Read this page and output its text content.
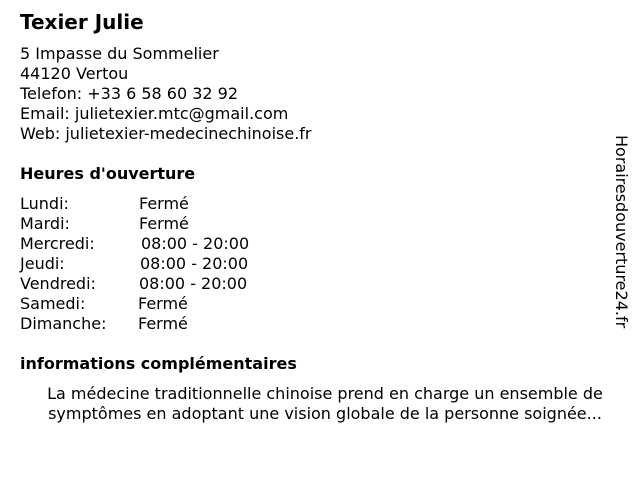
Texier Julie
5 Impasse du Sommelier
44120 Vertou
Telefon: +33 6 58 60 32 92
Email: julietexier.mtc@gmail.com
Web: julietexier-medecinechinoise.fr
Heures d'ouverture
Lundi:	Fermé
Mardi:	Fermé
Mercredi:	08:00 - 20:00
Jeudi:	08:00 - 20:00
Vendredi:	08:00 - 20:00
Samedi:	Fermé
Dimanche: Fermé
informations complémentaires
La médecine traditionnelle chinoise prend en charge un ensemble de
symptômes en adoptant une vision globale de la personne soignée...
Horairesdouverture24.fr
